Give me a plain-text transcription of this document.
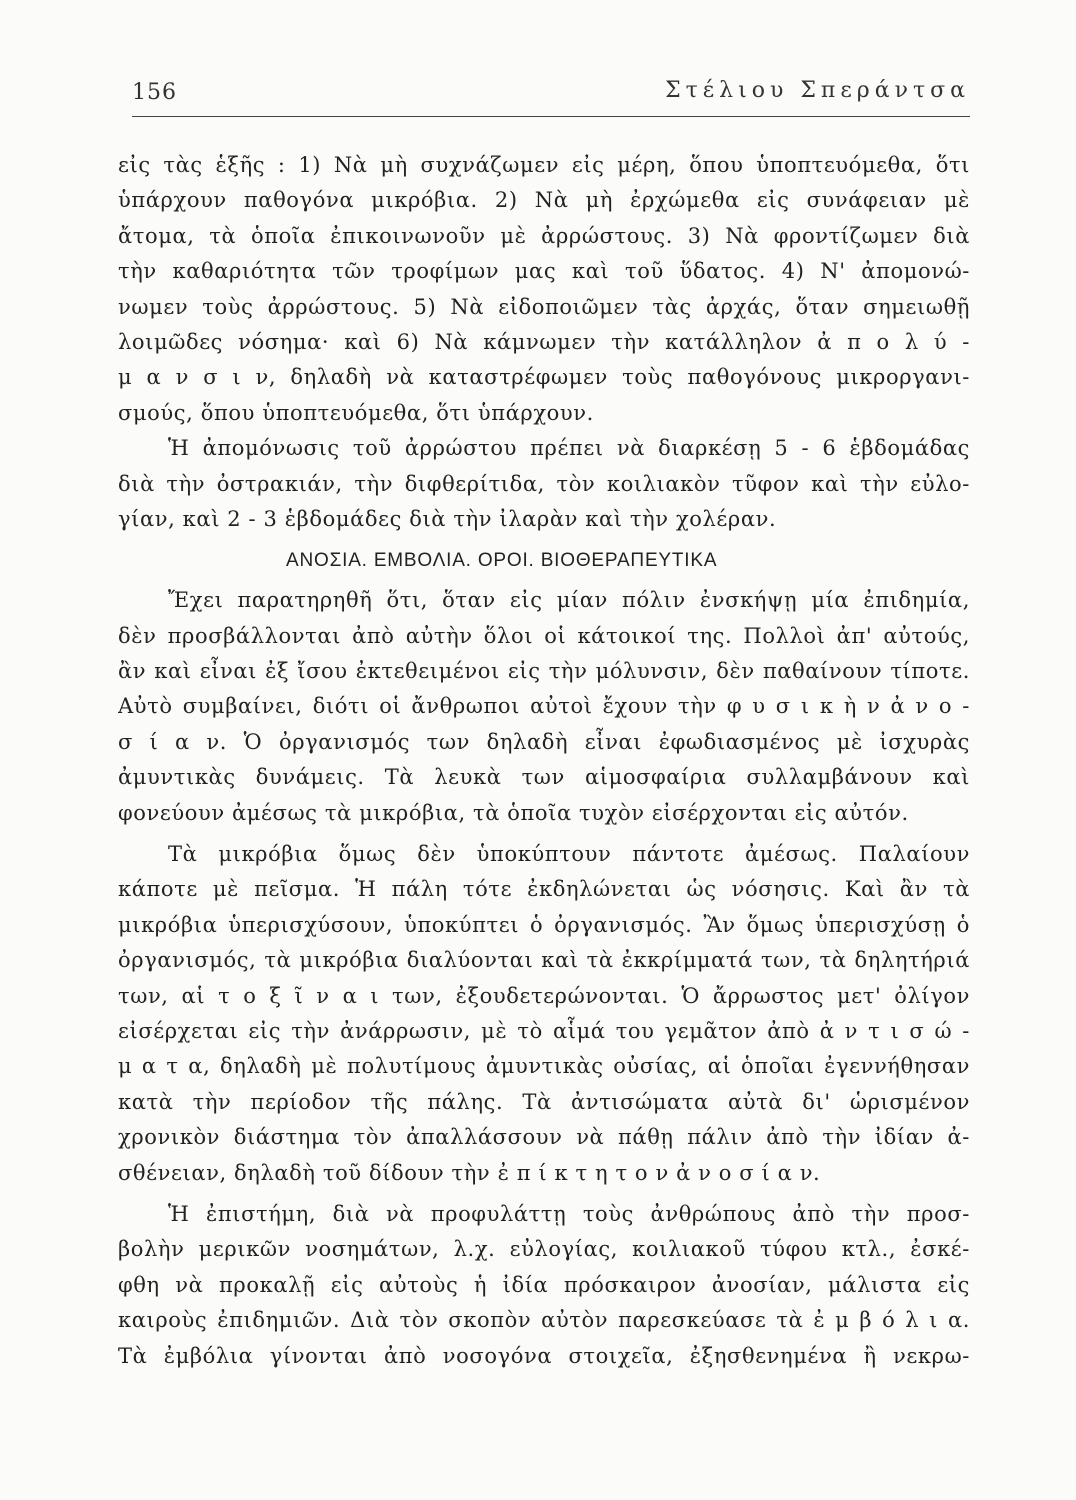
156	Στέλιου Σπεράντσα
εἰς τὰς ἑξῆς : 1) Νὰ μὴ συχνάζωμεν εἰς μέρη, ὅπου ὑποπτευόμεθα, ὅτι
ὑπάρχουν παθογόνα μικρόβια. 2) Νὰ μὴ ἐρχώμεθα εἰς συνάφειαν μὲ
ἄτομα, τὰ ὁποῖα ἐπικοινωνοῦν μὲ ἀρρώστους. 3) Νὰ φροντίζωμεν διὰ
τὴν καθαριότητα τῶν τροφίμων μας καὶ τοῦ ὕδατος. 4) Ν' ἀπομονώ-
νωμεν τοὺς ἀρρώστους. 5) Νὰ εἰδοποιῶμεν τὰς ἀρχάς, ὅταν σημειωθῇ
λοιμῶδες νόσημα· καὶ 6) Νὰ κάμνωμεν τὴν κατάλληλον ἀ π ο λ ύ -
μ α ν σ ι ν, δηλαδὴ νὰ καταστρέφωμεν τοὺς παθογόνους μικροργανι-
σμούς, ὅπου ὑποπτευόμεθα, ὅτι ὑπάρχουν.
Ἡ ἀπομόνωσις τοῦ ἀρρώστου πρέπει νὰ διαρκέσῃ 5 - 6 ἑβδομάδας
διὰ τὴν ὀστρακιάν, τὴν διφθερίτιδα, τὸν κοιλιακὸν τῦφον καὶ τὴν εὐλο-
γίαν, καὶ 2 - 3 ἑβδομάδες διὰ τὴν ἰλαρὰν καὶ τὴν χολέραν.
ΑΝΟΣΙΑ. ΕΜΒΟΛΙΑ. ΟΡΟΙ. ΒΙΟΘΕΡΑΠΕΥΤΙΚΑ
Ἔχει παρατηρηθῆ ὅτι, ὅταν εἰς μίαν πόλιν ἐνσκήψῃ μία ἐπιδημία,
δὲν προσβάλλονται ἀπὸ αὐτὴν ὅλοι οἱ κάτοικοί της. Πολλοὶ ἀπ' αὐτούς,
ἂν καὶ εἶναι ἐξ ἴσου ἐκτεθειμένοι εἰς τὴν μόλυνσιν, δὲν παθαίνουν τίποτε.
Αὐτὸ συμβαίνει, διότι οἱ ἄνθρωποι αὐτοὶ ἔχουν τὴν φ υ σ ι κ ὴ ν ἀ ν ο -
σ ί α ν. Ὁ ὀργανισμός των δηλαδὴ εἶναι ἐφωδιασμένος μὲ ἰσχυρὰς
ἀμυντικὰς δυνάμεις. Τὰ λευκὰ των αἱμοσφαίρια συλλαμβάνουν καὶ
φονεύουν ἀμέσως τὰ μικρόβια, τὰ ὁποῖα τυχὸν εἰσέρχονται εἰς αὐτόν.
Τὰ μικρόβια ὅμως δὲν ὑποκύπτουν πάντοτε ἀμέσως. Παλαίουν
κάποτε μὲ πεῖσμα. Ἡ πάλη τότε ἐκδηλώνεται ὡς νόσησις. Καὶ ἂν τὰ
μικρόβια ὑπερισχύσουν, ὑποκύπτει ὁ ὀργανισμός. Ἂν ὅμως ὑπερισχύσῃ ὁ
ὀργανισμός, τὰ μικρόβια διαλύονται καὶ τὰ ἐκκρίμματά των, τὰ δηλητήριά
των, αἱ τ ο ξ ῖ ν α ι των, ἐξουδετερώνονται. Ὁ ἄρρωστος μετ' ὀλίγον
εἰσέρχεται εἰς τὴν ἀνάρρωσιν, μὲ τὸ αἷμά του γεμᾶτον ἀπὸ ἀ ν τ ι σ ώ -
μ α τ α, δηλαδὴ μὲ πολυτίμους ἀμυντικὰς οὐσίας, αἱ ὁποῖαι ἐγεννήθησαν
κατὰ τὴν περίοδον τῆς πάλης. Τὰ ἀντισώματα αὐτὰ δι' ὡρισμένον
χρονικὸν διάστημα τὸν ἀπαλλάσσουν νὰ πάθῃ πάλιν ἀπὸ τὴν ἰδίαν ἀ-
σθένειαν, δηλαδὴ τοῦ δίδουν τὴν ἐ π ί κ τ η τ ο ν ἀ ν ο σ ί α ν.
Ἡ ἐπιστήμη, διὰ νὰ προφυλάττῃ τοὺς ἀνθρώπους ἀπὸ τὴν προσ-
βολὴν μερικῶν νοσημάτων, λ.χ. εὐλογίας, κοιλιακοῦ τύφου κτλ., ἐσκέ-
φθη νὰ προκαλῇ εἰς αὐτοὺς ἡ ἰδία πρόσκαιρον ἀνοσίαν, μάλιστα εἰς
καιροὺς ἐπιδημιῶν. Διὰ τὸν σκοπὸν αὐτὸν παρεσκεύασε τὰ ἐ μ β ό λ ι α.
Τὰ ἐμβόλια γίνονται ἀπὸ νοσογόνα στοιχεῖα, ἐξησθενημένα ἢ νεκρω-
